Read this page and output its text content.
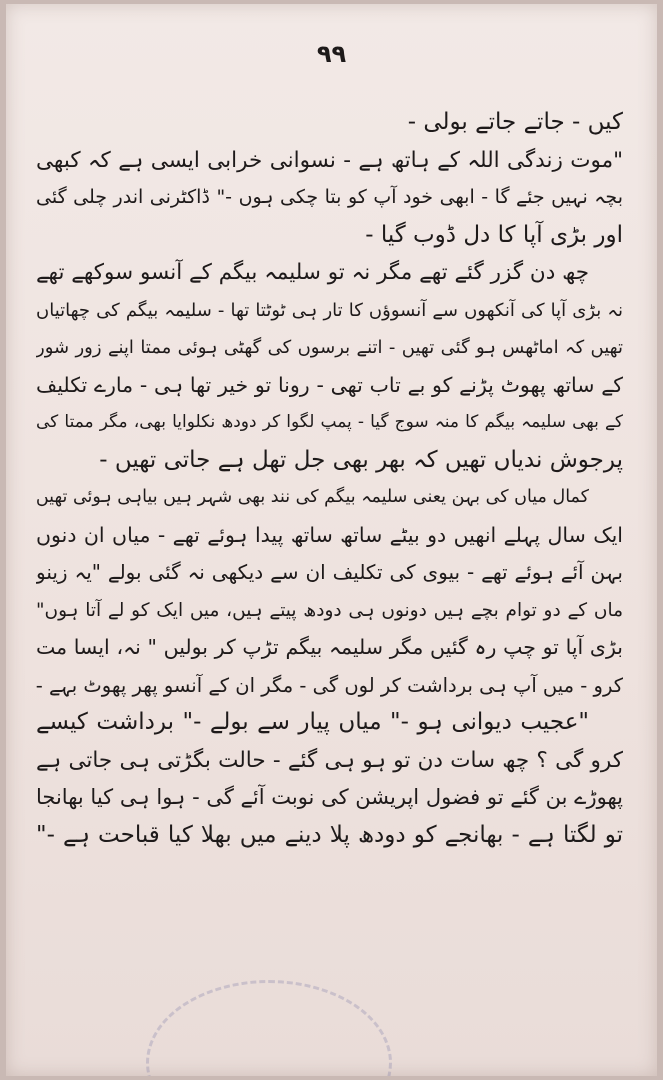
۹۹
کیں - جاتے جاتے بولی -
"موت زندگی اللہ کے ہاتھ ہے - نسوانی خرابی ایسی ہے کہ کبھی
بچہ نہیں جئے گا - ابھی خود آپ کو بتا چکی ہوں -" ڈاکٹرنی اندر چلی گئی
اور بڑی آپا کا دل ڈوب گیا -
چھ دن گزر گئے تھے مگر نہ تو سلیمہ بیگم کے آنسو سوکھے تھے
نہ بڑی آپا کی آنکھوں سے آنسوؤں کا تار ہی ٹوٹتا تھا - سلیمہ بیگم کی چھاتیاں
تھیں کہ اماٹھس ہو گئی تھیں - اتنے برسوں کی گھٹی ہوئی ممتا اپنے زور شور
کے ساتھ پھوٹ پڑنے کو بے تاب تھی - رونا تو خیر تھا ہی - مارے تکلیف
کے بھی سلیمہ بیگم کا منہ سوج گیا - پمپ لگوا کر دودھ نکلوایا بھی، مگر ممتا کی
پرجوش ندیاں تھیں کہ بھر بھی جل تھل ہے جاتی تھیں -
کمال میاں کی بہن یعنی سلیمہ بیگم کی نند بھی شہر ہیں بیاہی ہوئی تھیں
ایک سال پہلے انھیں دو بیٹے ساتھ ساتھ پیدا ہوئے تھے - میاں ان دنوں
بہن آئے ہوئے تھے - بیوی کی تکلیف ان سے دیکھی نہ گئی بولے "یہ زینو
ماں کے دو توام بچے ہیں دونوں ہی دودھ پیتے ہیں، میں ایک کو لے آتا ہوں"
بڑی آپا تو چپ رہ گئیں مگر سلیمہ بیگم تڑپ کر بولیں " نہ، ایسا مت
کرو - میں آپ ہی برداشت کر لوں گی - مگر ان کے آنسو پھر پھوٹ بہے -
"عجیب دیوانی ہو -" میاں پیار سے بولے -" برداشت کیسے
کرو گی ؟ چھ سات دن تو ہو ہی گئے - حالت بگڑتی ہی جاتی ہے
پھوڑے بن گئے تو فضول اپریشن کی نوبت آئے گی - ہوا ہی کیا بھانجا
تو لگتا ہے - بھانجے کو دودھ پلا دینے میں بھلا کیا قباحت ہے -"
